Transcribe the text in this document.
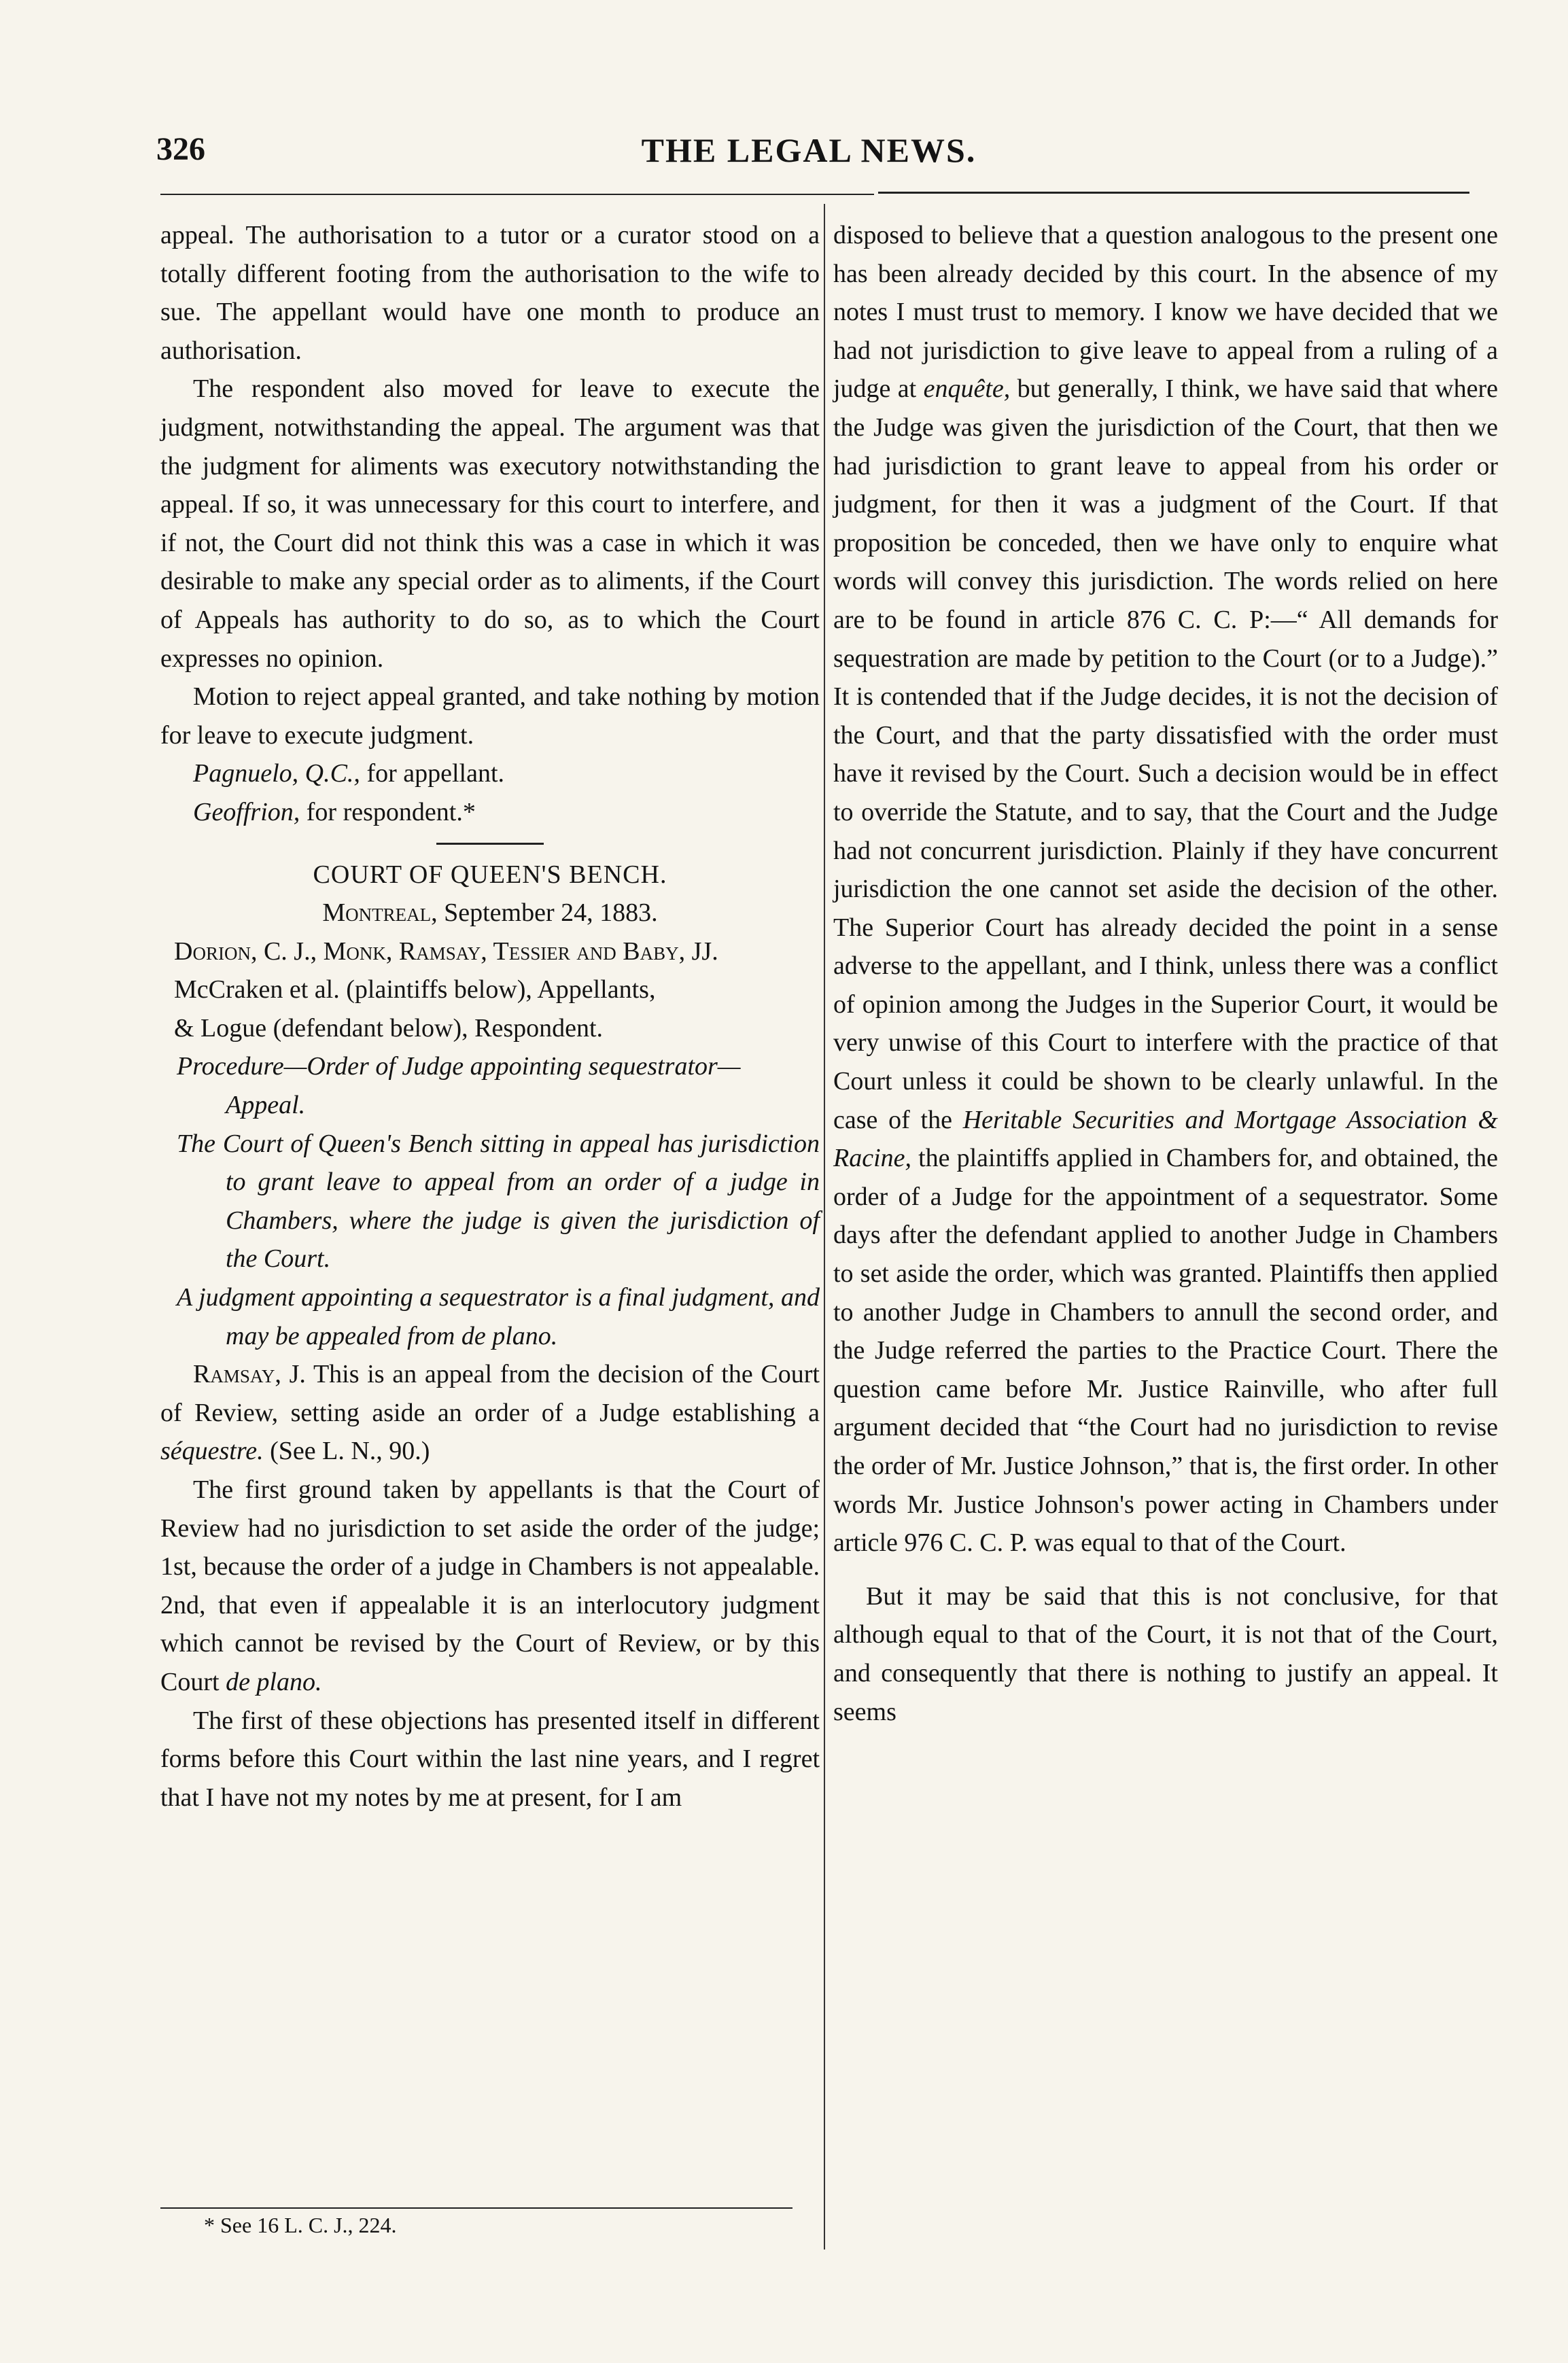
326	THE LEGAL NEWS.

appeal. The authorisation to a tutor or a curator stood on a totally different footing from the authorisation to the wife to sue. The appellant would have one month to produce an authorisation.

The respondent also moved for leave to execute the judgment, notwithstanding the appeal. The argument was that the judgment for aliments was executory notwithstanding the appeal. If so, it was unnecessary for this court to interfere, and if not, the Court did not think this was a case in which it was desirable to make any special order as to aliments, if the Court of Appeals has authority to do so, as to which the Court expresses no opinion.

Motion to reject appeal granted, and take nothing by motion for leave to execute judgment.

Pagnuelo, Q.C., for appellant.

Geoffrion, for respondent.*

COURT OF QUEEN'S BENCH.

Montreal, September 24, 1883.

Dorion, C. J., Monk, Ramsay, Tessier and Baby, JJ.

McCraken et al. (plaintiffs below), Appellants,
& Logue (defendant below), Respondent.

Procedure—Order of Judge appointing sequestrator—Appeal.

The Court of Queen's Bench sitting in appeal has jurisdiction to grant leave to appeal from an order of a judge in Chambers, where the judge is given the jurisdiction of the Court.

A judgment appointing a sequestrator is a final judgment, and may be appealed from de plano.

Ramsay, J. This is an appeal from the decision of the Court of Review, setting aside an order of a Judge establishing a séquestre. (See L. N., 90.)

The first ground taken by appellants is that the Court of Review had no jurisdiction to set aside the order of the judge; 1st, because the order of a judge in Chambers is not appealable. 2nd, that even if appealable it is an interlocutory judgment which cannot be revised by the Court of Review, or by this Court de plano.

The first of these objections has presented itself in different forms before this Court within the last nine years, and I regret that I have not my notes by me at present, for I am

* See 16 L. C. J., 224.

disposed to believe that a question analogous to the present one has been already decided by this court. In the absence of my notes I must trust to memory. I know we have decided that we had not jurisdiction to give leave to appeal from a ruling of a judge at enquête, but generally, I think, we have said that where the Judge was given the jurisdiction of the Court, that then we had jurisdiction to grant leave to appeal from his order or judgment, for then it was a judgment of the Court. If that proposition be conceded, then we have only to enquire what words will convey this jurisdiction. The words relied on here are to be found in article 876 C. C. P:—“ All demands for sequestration are made by petition to the Court (or to a Judge).” It is contended that if the Judge decides, it is not the decision of the Court, and that the party dissatisfied with the order must have it revised by the Court. Such a decision would be in effect to override the Statute, and to say, that the Court and the Judge had not concurrent jurisdiction. Plainly if they have concurrent jurisdiction the one cannot set aside the decision of the other. The Superior Court has already decided the point in a sense adverse to the appellant, and I think, unless there was a conflict of opinion among the Judges in the Superior Court, it would be very unwise of this Court to interfere with the practice of that Court unless it could be shown to be clearly unlawful. In the case of the Heritable Securities and Mortgage Association & Racine, the plaintiffs applied in Chambers for, and obtained, the order of a Judge for the appointment of a sequestrator. Some days after the defendant applied to another Judge in Chambers to set aside the order, which was granted. Plaintiffs then applied to another Judge in Chambers to annull the second order, and the Judge referred the parties to the Practice Court. There the question came before Mr. Justice Rainville, who after full argument decided that “the Court had no jurisdiction to revise the order of Mr. Justice Johnson,” that is, the first order. In other words Mr. Justice Johnson's power acting in Chambers under article 976 C. C. P. was equal to that of the Court.

But it may be said that this is not conclusive, for that although equal to that of the Court, it is not that of the Court, and consequently that there is nothing to justify an appeal. It seems
